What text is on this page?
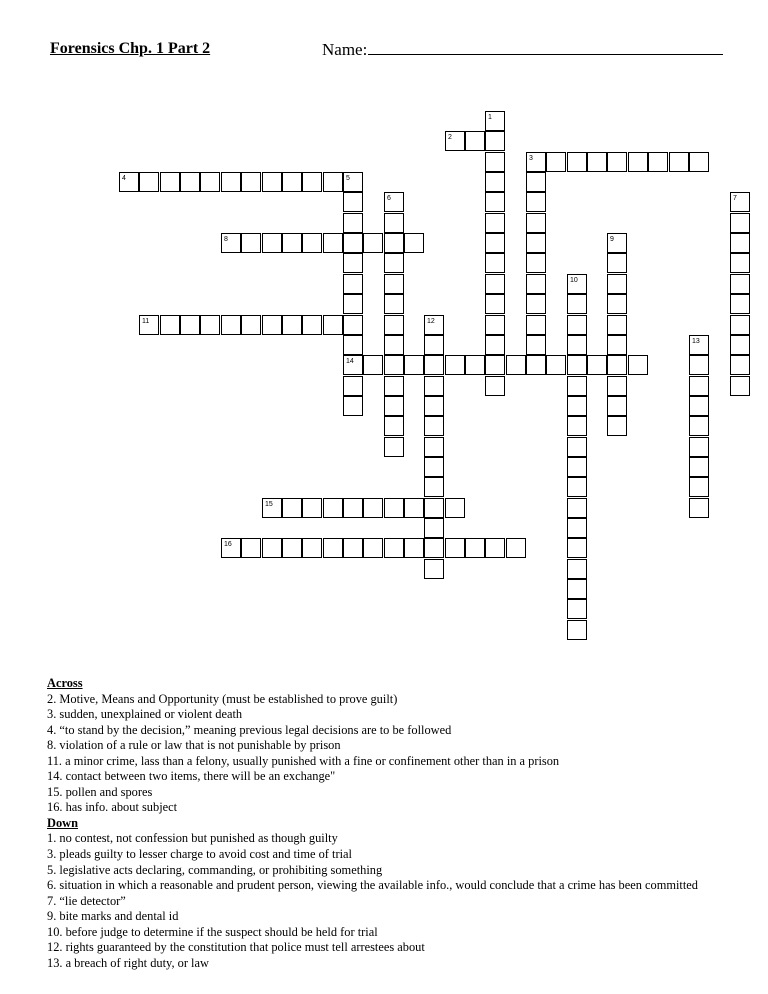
Forensics Chp. 1 Part 2	Name:
1
2
3
4	5
14
6	7
8	9
10
11	12
13
15
16
Across
2. Motive, Means and Opportunity (must be established to prove guilt)
3. sudden, unexplained or violent death
4. “to stand by the decision,” meaning previous legal decisions are to be followed
8. violation of a rule or law that is not punishable by prison
11. a minor crime, lass than a felony, usually punished with a fine or confinement other than in a prison
14. contact between two items, there will be an exchange"
15. pollen and spores
16. has info. about subject
Down
1. no contest, not confession but punished as though guilty
3. pleads guilty to lesser charge to avoid cost and time of trial
5. legislative acts declaring, commanding, or prohibiting something
6. situation in which a reasonable and prudent person, viewing the available info., would conclude that a crime has been committed
7. “lie detector”
9. bite marks and dental id
10. before judge to determine if the suspect should be held for trial
12. rights guaranteed by the constitution that police must tell arrestees about
13. a breach of right duty, or law
